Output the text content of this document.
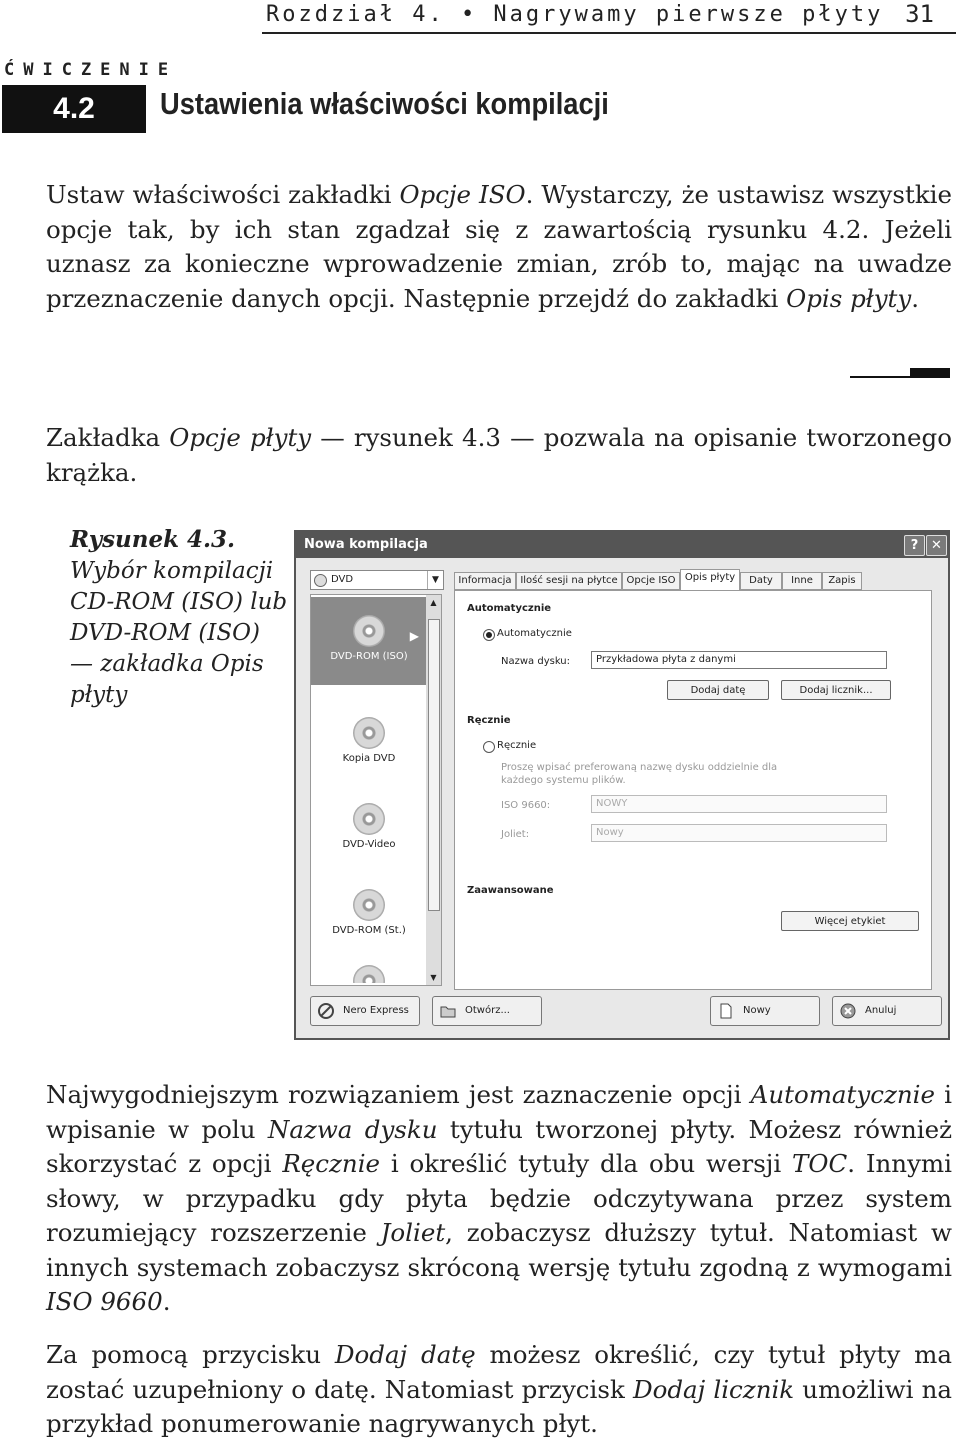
Rozdział 4. • Nagrywamy pierwsze płyty 31
ĆWICZENIE
4.2	Ustawienia właściwości kompilacji
Ustaw właściwości zakładki Opcje ISO. Wystarczy, że ustawisz wszystkie opcje tak, by ich stan zgadzał się z zawartością rysunku 4.2. Jeżeli uznasz za konieczne wprowadzenie zmian, zrób to, mając na uwadze przeznaczenie danych opcji. Następnie przejdź do zakładki Opis płyty.
Zakładka Opcje płyty — rysunek 4.3 — pozwala na opisanie tworzonego krążka.
Rysunek 4.3.
Wybór kompilacji CD-ROM (ISO) lub DVD-ROM (ISO) — zakładka Opis płyty
Nowa kompilacja	? ✕
DVD	▼
DVD-ROM (ISO)
▶
Kopia DVD
DVD-Video
DVD-ROM (St.)
▲
▼
Informacja Ilość sesji na płytce Opcje ISO Opis płyty	Daty	Inne	Zapis
Automatycznie
Automatycznie
Nazwa dysku:	Przykładowa płyta z danymi
Dodaj datę	Dodaj licznik...
Ręcznie
Ręcznie
Proszę wpisać preferowaną nazwę dysku oddzielnie dla każdego systemu plików.
ISO 9660:	NOWY
Joliet:	Nowy
Zaawansowane
Więcej etykiet
Nero Express	Otwórz...	Nowy	Anuluj
Najwygodniejszym rozwiązaniem jest zaznaczenie opcji Automatycznie i wpisanie w polu Nazwa dysku tytułu tworzonej płyty. Możesz również skorzystać z opcji Ręcznie i określić tytuły dla obu wersji TOC. Innymi słowy, w przypadku gdy płyta będzie odczytywana przez system rozumiejący rozszerzenie Joliet, zobaczysz dłuższy tytuł. Natomiast w innych systemach zobaczysz skróconą wersję tytułu zgodną z wymogami ISO 9660.
Za pomocą przycisku Dodaj datę możesz określić, czy tytuł płyty ma zostać uzupełniony o datę. Natomiast przycisk Dodaj licznik umożliwi na przykład ponumerowanie nagrywanych płyt.
